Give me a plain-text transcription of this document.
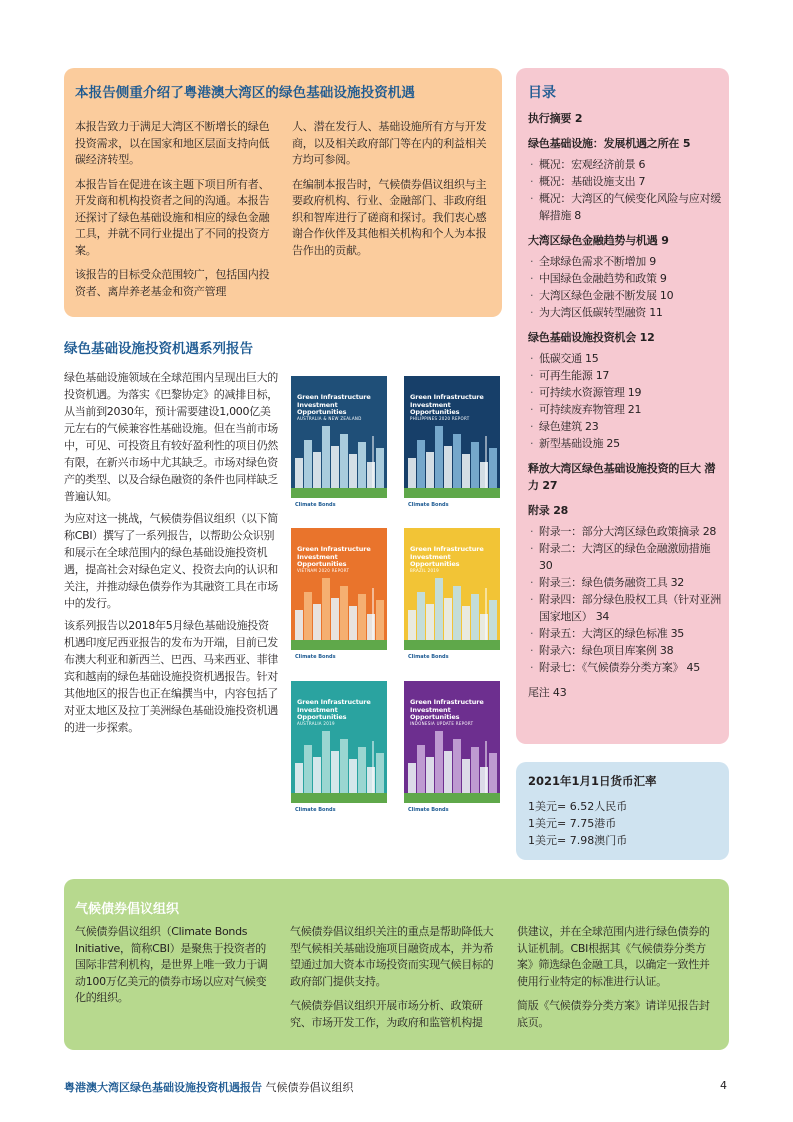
本报告侧重介绍了粤港澳大湾区的绿色基础设施投资机遇

本报告致力于满足大湾区不断增长的绿色投资需求，以在国家和地区层面支持向低碳经济转型。

本报告旨在促进在该主题下项目所有者、开发商和机构投资者之间的沟通。本报告还探讨了绿色基础设施和相应的绿色金融工具，并就不同行业提出了不同的投资方案。

该报告的目标受众范围较广，包括国内投资者、离岸养老基金和资产管理

人、潜在发行人、基础设施所有方与开发商，以及相关政府部门等在内的利益相关方均可参阅。

在编制本报告时，气候债券倡议组织与主要政府机构、行业、金融部门、非政府组织和智库进行了磋商和探讨。我们衷心感谢合作伙伴及其他相关机构和个人为本报告作出的贡献。

绿色基础设施投资机遇系列报告

绿色基础设施领域在全球范围内呈现出巨大的投资机遇。为落实《巴黎协定》的减排目标，从当前到2030年，预计需要建设1,000亿美元左右的气候兼容性基础设施。但在当前市场中，可见、可投资且有较好盈利性的项目仍然有限，在新兴市场中尤其缺乏。市场对绿色资产的类型、以及合绿色融资的条件也同样缺乏普遍认知。

为应对这一挑战，气候债券倡议组织（以下简称CBI）撰写了一系列报告，以帮助公众识别和展示在全球范围内的绿色基础设施投资机遇，提高社会对绿色定义、投资去向的认识和关注，并推动绿色债券作为其融资工具在市场中的发行。

该系列报告以2018年5月绿色基础设施投资机遇印度尼西亚报告的发布为开端，目前已发布澳大利亚和新西兰、巴西、马来西亚、菲律宾和越南的绿色基础设施投资机遇报告。针对其他地区的报告也正在编撰当中，内容包括了对亚太地区及拉丁美洲绿色基础设施投资机遇的进一步探索。

Green Infrastructure Investment Opportunities
AUSTRALIA & NEW ZEALAND
Climate Bonds
Green Infrastructure Investment Opportunities
PHILIPPINES 2020 REPORT
Climate Bonds
Green Infrastructure Investment Opportunities
VIETNAM 2020 REPORT
Climate Bonds
Green Infrastructure Investment Opportunities
BRAZIL 2019
Climate Bonds
Green Infrastructure Investment Opportunities
AUSTRALIA 2019
Climate Bonds
Green Infrastructure Investment Opportunities
INDONESIA UPDATE REPORT
Climate Bonds
目录
执行摘要 2
绿色基础设施：发展机遇之所在 5
· 概况：宏观经济前景 6
· 概况：基础设施支出 7
· 概况：大湾区的气候变化风险与应对缓解措施 8
大湾区绿色金融趋势与机遇 9
· 全球绿色需求不断增加 9
· 中国绿色金融趋势和政策 9
· 大湾区绿色金融不断发展 10
· 为大湾区低碳转型融资 11
绿色基础设施投资机会 12
· 低碳交通 15
· 可再生能源 17
· 可持续水资源管理 19
· 可持续废弃物管理 21
· 绿色建筑 23
· 新型基础设施 25
释放大湾区绿色基础设施投资的巨大 潜力 27
附录 28
· 附录一：部分大湾区绿色政策摘录 28
· 附录二：大湾区的绿色金融激励措施 30
· 附录三：绿色债务融资工具 32
· 附录四：部分绿色股权工具（针对亚洲国家地区） 34
· 附录五：大湾区的绿色标准 35
· 附录六：绿色项目库案例 38
· 附录七：《气候债券分类方案》 45
尾注 43
2021年1月1日货币汇率
1美元= 6.52人民币
1美元= 7.75港币
1美元= 7.98澳门币
气候债券倡议组织

气候债券倡议组织（Climate Bonds Initiative，简称CBI）是聚焦于投资者的国际非营利机构，是世界上唯一致力于调动100万亿美元的债券市场以应对气候变化的组织。

气候债券倡议组织关注的重点是帮助降低大型气候相关基础设施项目融资成本，并为希望通过加大资本市场投资而实现气候目标的政府部门提供支持。

气候债券倡议组织开展市场分析、政策研究、市场开发工作，为政府和监管机构提

供建议，并在全球范围内进行绿色债券的认证机制。CBI根据其《气候债券分类方案》筛选绿色金融工具，以确定一致性并使用行业特定的标准进行认证。

简版《气候债券分类方案》请详见报告封底页。

粤港澳大湾区绿色基础设施投资机遇报告 气候债券倡议组织	4
